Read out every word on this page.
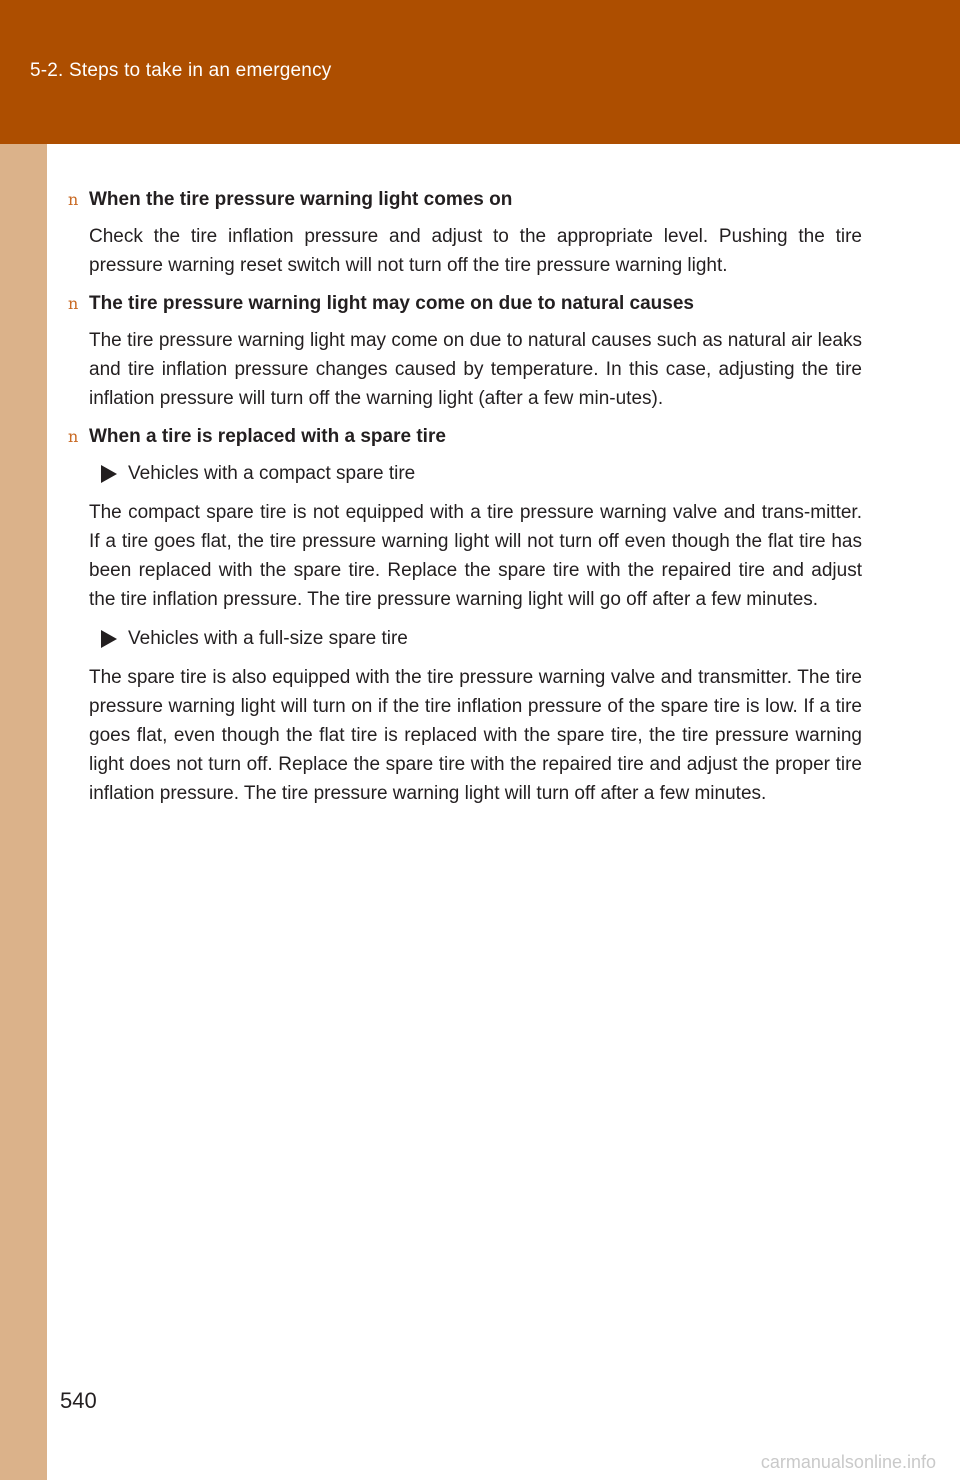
5-2. Steps to take in an emergency
n When the tire pressure warning light comes on

Check the tire inflation pressure and adjust to the appropriate level. Pushing the tire pressure warning reset switch will not turn off the tire pressure warning light.

n The tire pressure warning light may come on due to natural causes

The tire pressure warning light may come on due to natural causes such as natural air leaks and tire inflation pressure changes caused by temperature. In this case, adjusting the tire inflation pressure will turn off the warning light (after a few min-utes).

n When a tire is replaced with a spare tire
Vehicles with a compact spare tire

The compact spare tire is not equipped with a tire pressure warning valve and trans-mitter. If a tire goes flat, the tire pressure warning light will not turn off even though the flat tire has been replaced with the spare tire. Replace the spare tire with the repaired tire and adjust the tire inflation pressure. The tire pressure warning light will go off after a few minutes.

Vehicles with a full-size spare tire

The spare tire is also equipped with the tire pressure warning valve and transmitter. The tire pressure warning light will turn on if the tire inflation pressure of the spare tire is low. If a tire goes flat, even though the flat tire is replaced with the spare tire, the tire pressure warning light does not turn off. Replace the spare tire with the repaired tire and adjust the proper tire inflation pressure. The tire pressure warning light will turn off after a few minutes.

540
carmanualsonline.info
